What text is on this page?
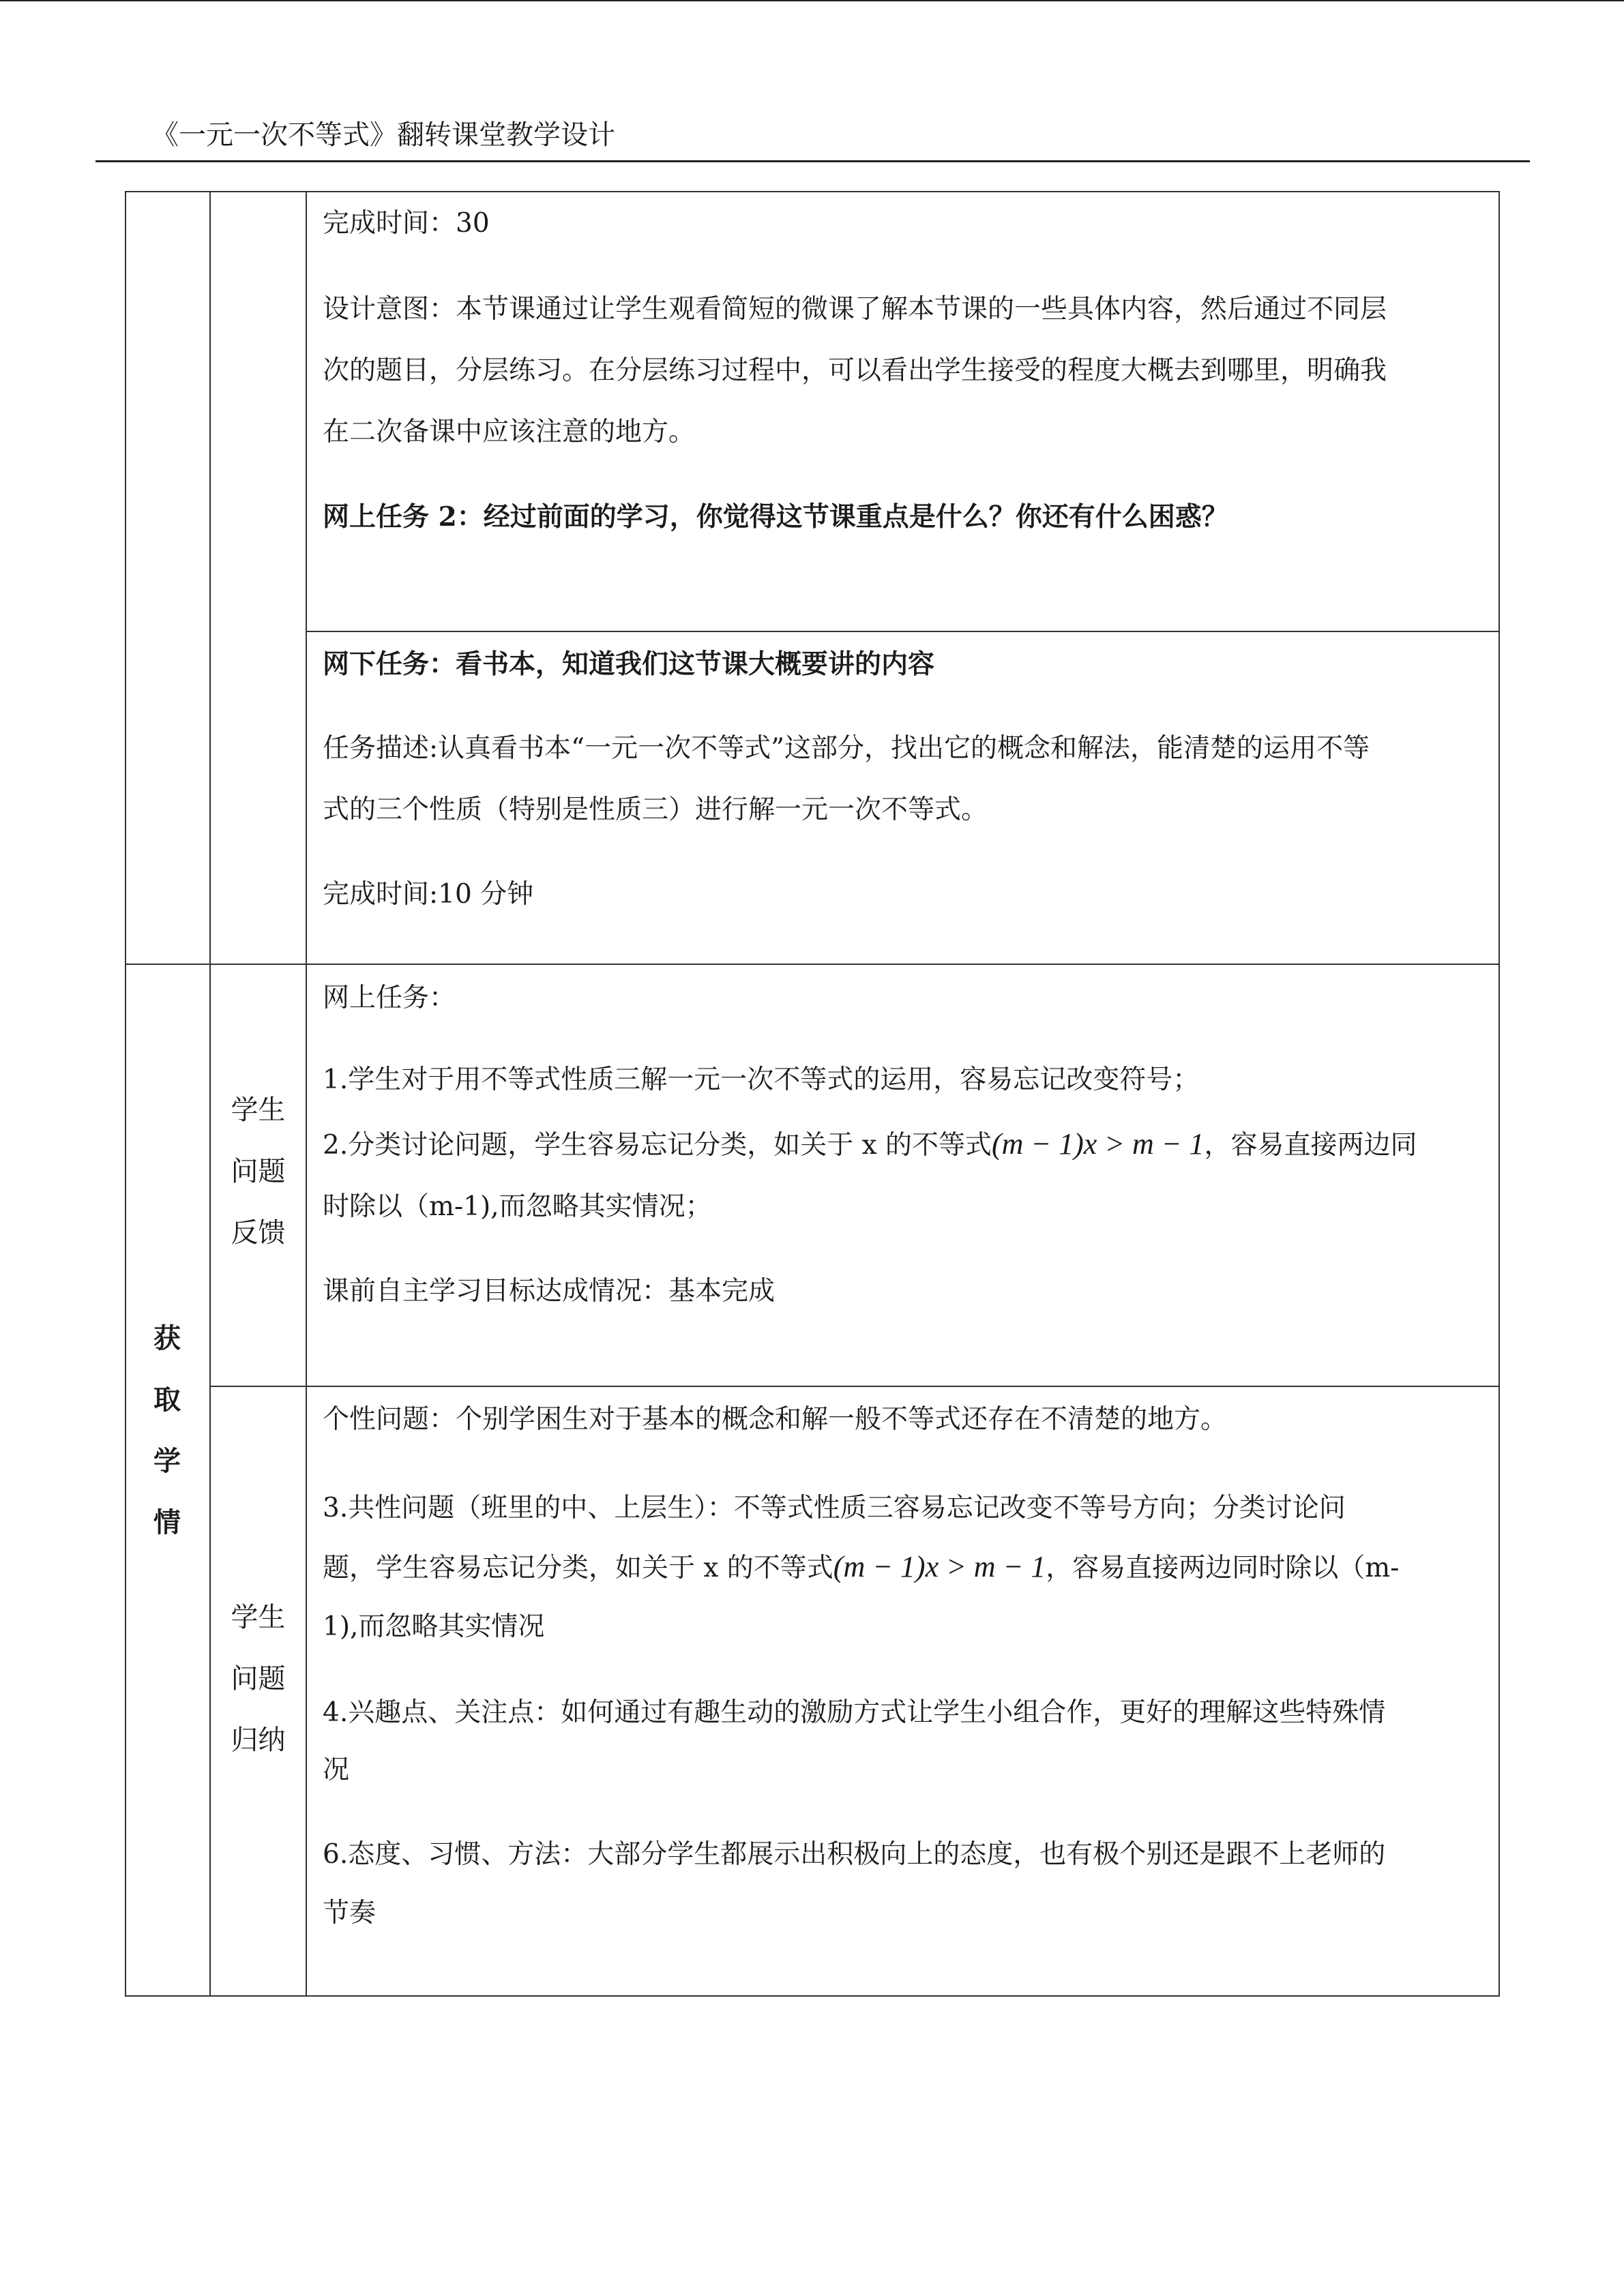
《一元一次不等式》翻转课堂教学设计

完成时间：30

设计意图：本节课通过让学生观看简短的微课了解本节课的一些具体内容，然后通过不同层

次的题目，分层练习。在分层练习过程中，可以看出学生接受的程度大概去到哪里，明确我

在二次备课中应该注意的地方。

网上任务 2：经过前面的学习，你觉得这节课重点是什么？你还有什么困惑？

网下任务：看书本，知道我们这节课大概要讲的内容

任务描述:认真看书本“一元一次不等式”这部分，找出它的概念和解法，能清楚的运用不等

式的三个性质（特别是性质三）进行解一元一次不等式。

完成时间:10 分钟

获
取
学
情
学生
问题
反馈

网上任务：

1.学生对于用不等式性质三解一元一次不等式的运用，容易忘记改变符号；

2.分类讨论问题，学生容易忘记分类，如关于 x 的不等式(m − 1)x > m − 1，容易直接两边同

时除以（m-1),而忽略其实情况；

课前自主学习目标达成情况：基本完成

学生
问题
归纳

个性问题：个别学困生对于基本的概念和解一般不等式还存在不清楚的地方。

3.共性问题（班里的中、上层生）：不等式性质三容易忘记改变不等号方向；分类讨论问

题，学生容易忘记分类，如关于 x 的不等式(m − 1)x > m − 1，容易直接两边同时除以（m-

1),而忽略其实情况

4.兴趣点、关注点：如何通过有趣生动的激励方式让学生小组合作，更好的理解这些特殊情

况

6.态度、习惯、方法：大部分学生都展示出积极向上的态度，也有极个别还是跟不上老师的

节奏
